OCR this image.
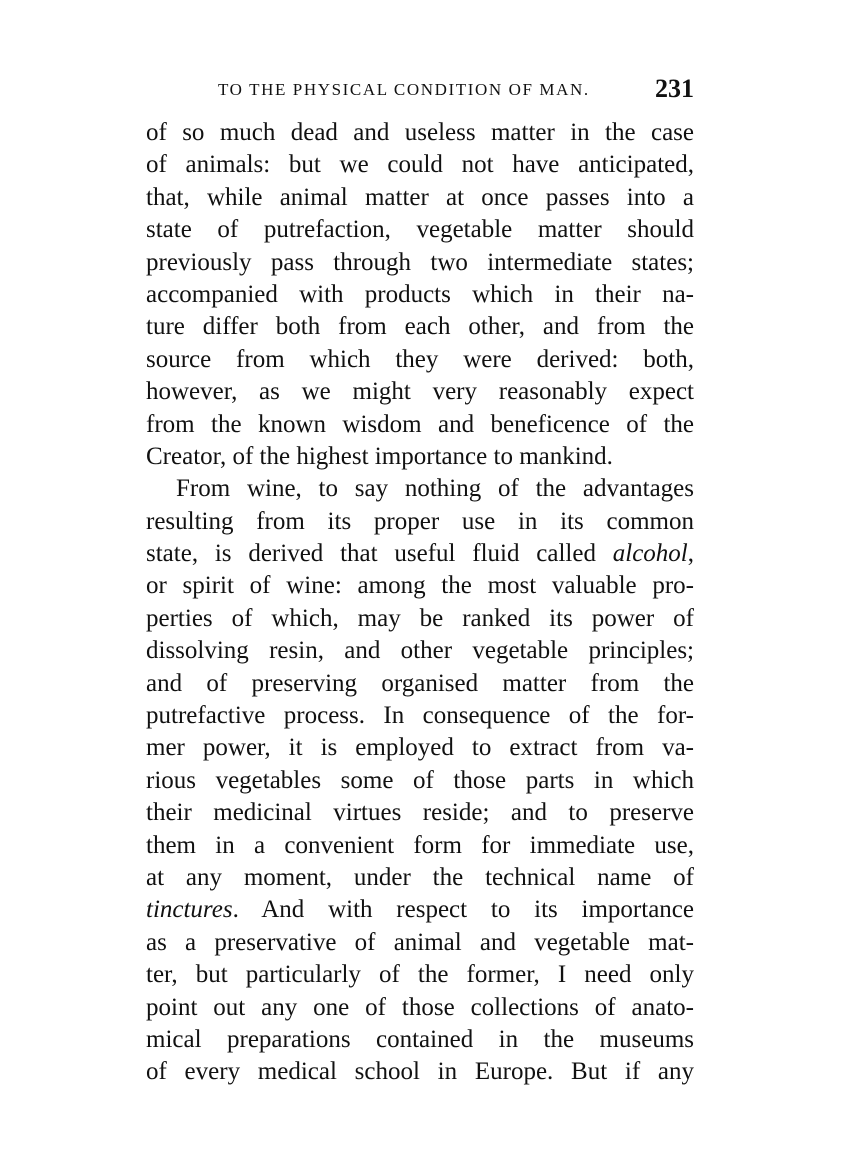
TO THE PHYSICAL CONDITION OF MAN.	231
of so much dead and useless matter in the case
of animals: but we could not have anticipated,
that, while animal matter at once passes into a
state of putrefaction, vegetable matter should
previously pass through two intermediate states;
accompanied with products which in their na-
ture differ both from each other, and from the
source from which they were derived: both,
however, as we might very reasonably expect
from the known wisdom and beneficence of the
Creator, of the highest importance to mankind.
From wine, to say nothing of the advantages
resulting from its proper use in its common
state, is derived that useful fluid called alcohol,
or spirit of wine: among the most valuable pro-
perties of which, may be ranked its power of
dissolving resin, and other vegetable principles;
and of preserving organised matter from the
putrefactive process. In consequence of the for-
mer power, it is employed to extract from va-
rious vegetables some of those parts in which
their medicinal virtues reside; and to preserve
them in a convenient form for immediate use,
at any moment, under the technical name of
tinctures. And with respect to its importance
as a preservative of animal and vegetable mat-
ter, but particularly of the former, I need only
point out any one of those collections of anato-
mical preparations contained in the museums
of every medical school in Europe. But if any
